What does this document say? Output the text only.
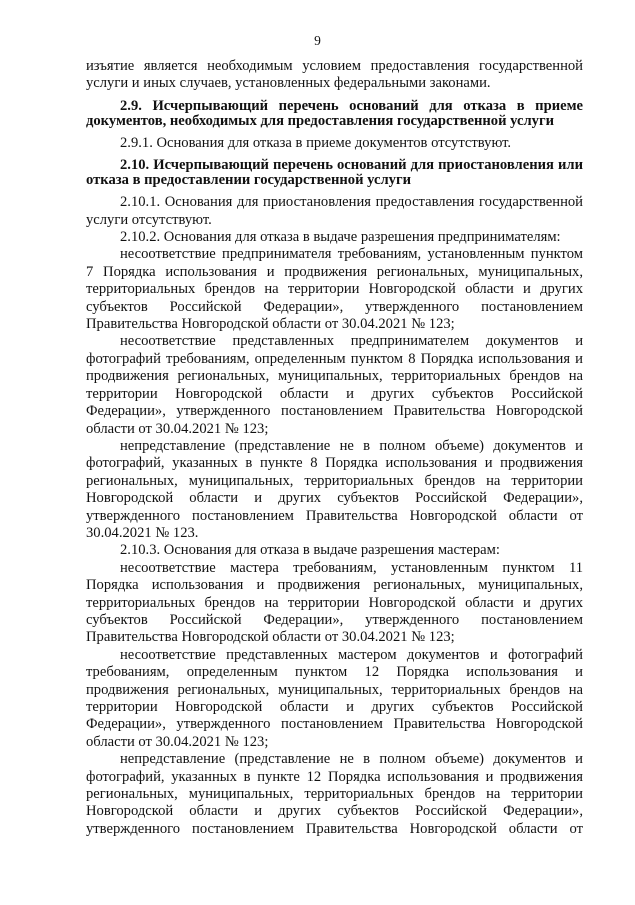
9

изъятие является необходимым условием предоставления государственной услуги и иных случаев, установленных федеральными законами.

2.9. Исчерпывающий перечень оснований для отказа в приеме документов, необходимых для предоставления государственной услуги

2.9.1. Основания для отказа в приеме документов отсутствуют.

2.10. Исчерпывающий перечень оснований для приостановления или отказа в предоставлении государственной услуги

2.10.1. Основания для приостановления предоставления государственной услуги отсутствуют.

2.10.2. Основания для отказа в выдаче разрешения предпринимателям:

несоответствие предпринимателя требованиям, установленным пунктом 7 Порядка использования и продвижения региональных, муниципальных, территориальных брендов на территории Новгородской области и других субъектов Российской Федерации», утвержденного постановлением Правительства Новгородской области от 30.04.2021 № 123;

несоответствие представленных предпринимателем документов и фотографий требованиям, определенным пунктом 8 Порядка использования и продвижения региональных, муниципальных, территориальных брендов на территории Новгородской области и других субъектов Российской Федерации», утвержденного постановлением Правительства Новгородской области от 30.04.2021 № 123;

непредставление (представление не в полном объеме) документов и фотографий, указанных в пункте 8 Порядка использования и продвижения региональных, муниципальных, территориальных брендов на территории Новгородской области и других субъектов Российской Федерации», утвержденного постановлением Правительства Новгородской области от 30.04.2021 № 123.

2.10.3. Основания для отказа в выдаче разрешения мастерам:

несоответствие мастера требованиям, установленным пунктом 11 Порядка использования и продвижения региональных, муниципальных, территориальных брендов на территории Новгородской области и других субъектов Российской Федерации», утвержденного постановлением Правительства Новгородской области от 30.04.2021 № 123;

несоответствие представленных мастером документов и фотографий требованиям, определенным пунктом 12 Порядка использования и продвижения региональных, муниципальных, территориальных брендов на территории Новгородской области и других субъектов Российской Федерации», утвержденного постановлением Правительства Новгородской области от 30.04.2021 № 123;

непредставление (представление не в полном объеме) документов и фотографий, указанных в пункте 12 Порядка использования и продвижения региональных, муниципальных, территориальных брендов на территории Новгородской области и других субъектов Российской Федерации», утвержденного постановлением Правительства Новгородской области от
